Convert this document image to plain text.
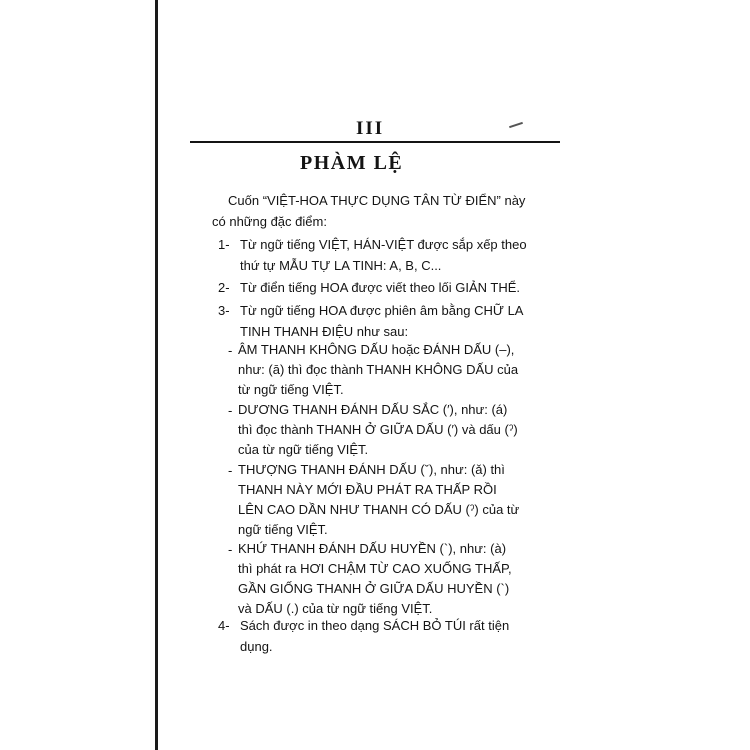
III
PHÀM LỆ
Cuốn “VIỆT-HOA THỰC DỤNG TÂN TỪ ĐIỂN” này
có những đặc điểm:
1- Từ ngữ tiếng VIỆT, HÁN-VIỆT được sắp xếp theo
thứ tự MẪU TỰ LA TINH: A, B, C...
2- Từ điển tiếng HOA được viết theo lối GIẢN THỂ.
3- Từ ngữ tiếng HOA được phiên âm bằng CHỮ LA
TINH THANH ĐIỆU như sau:
- ÂM THANH KHÔNG DẤU hoặc ĐÁNH DẤU (–),
như: (ā) thì đọc thành THANH KHÔNG DẤU của
từ ngữ tiếng VIỆT.
- DƯƠNG THANH ĐÁNH DẤU SẮC (′), như: (á)
thì đọc thành THANH Ở GIỮA DẤU (′) và dấu (ˀ)
của từ ngữ tiếng VIỆT.
- THƯỢNG THANH ĐÁNH DẤU (ˇ), như: (ǎ) thì
THANH NÀY MỚI ĐẦU PHÁT RA THẤP RỒI
LÊN CAO DẦN NHƯ THANH CÓ DẤU (ˀ) của từ
ngữ tiếng VIỆT.
- KHỨ THANH ĐÁNH DẤU HUYỀN (`), như: (à)
thì phát ra HƠI CHẬM TỪ CAO XUỐNG THẤP,
GẦN GIỐNG THANH Ở GIỮA DẤU HUYỀN (`)
và DẤU (.) của từ ngữ tiếng VIỆT.
4- Sách được in theo dạng SÁCH BỎ TÚI rất tiện
dụng.
